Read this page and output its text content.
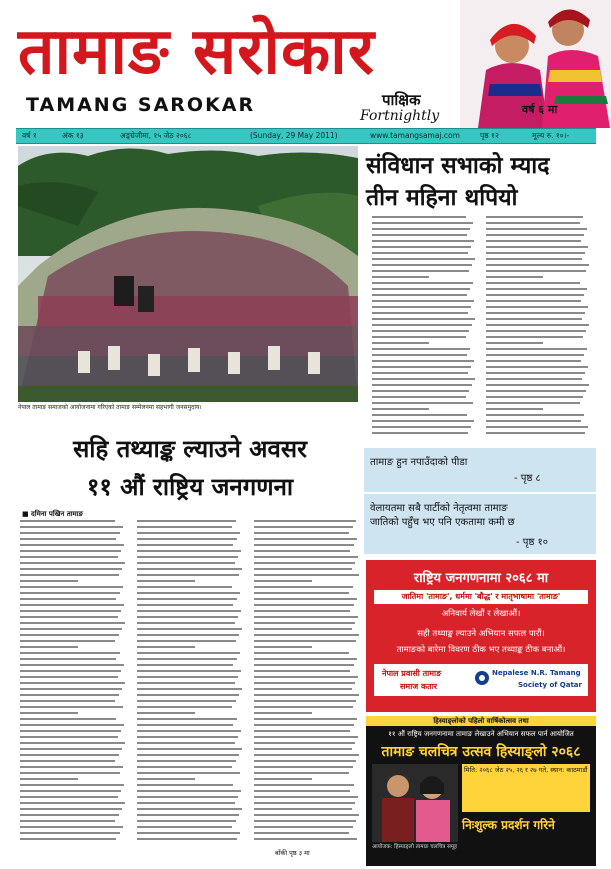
तामाङ सरोकार
TAMANG SAROKAR	पाक्षिक
Fortnightly	वर्ष ६ मा
वर्ष १	अंक १३	अङ्ग्रेजीमा, १५ जेठ २०६८	(Sunday, 29 May 2011)	www.tamangsamaj.com	पृष्ठ १२	मूल्य रु. १०।-
नेपाल तामाङ समाजको आयोजनामा गरिएको तामाङ सम्मेलनमा सहभागी जनसमुदाय।
संविधान सभाको म्याद
तीन महिना थपियो
तामाङ हुन नपाउँदाको पीडा
- पृष्ठ ८
वेलायतमा सबै पार्टीको नेतृत्वमा तामाङ
जातिको पहुँच भए पनि एकतामा कमी छ
- पृष्ठ १०
सहि तथ्याङ्क ल्याउने अवसर
११ औं राष्ट्रिय जनगणना
■ दमिना पखिन तामाङ
बाँकी पृष्ठ ३ मा
राष्ट्रिय जनगणनामा २०६८ मा
जातिमा 'तामाङ', धर्ममा 'बौद्ध' र मातृभाषामा 'तामाङ'
अनिवार्य लेखौं र लेखाऔं।
सही तथ्याङ्क ल्याउने अभियान सफल पारौं।
तामाङको बारेमा विवरण ठीक भए तथ्याङ्क ठीक बनाऔं।
नेपाल प्रवासी तामाङ
समाज कतार
Nepalese N.R. Tamang
Society of Qatar
हिस्याङ्लोको पहिलो वार्षिकोत्सव तथा
११ औं राष्ट्रिय जनगणनामा तामाङ लेखाउने अभियान सफल पार्न आयोजित
तामाङ चलचित्र उत्सव हिस्याङ्लो २०६८
मिति: २०६८ जेठ २५, २६ र २७ गते, स्थान: काठमाडौं
निःशुल्क प्रदर्शन गरिने
आयोजक: हिस्याङ्लो तामाङ चलचित्र समूह
